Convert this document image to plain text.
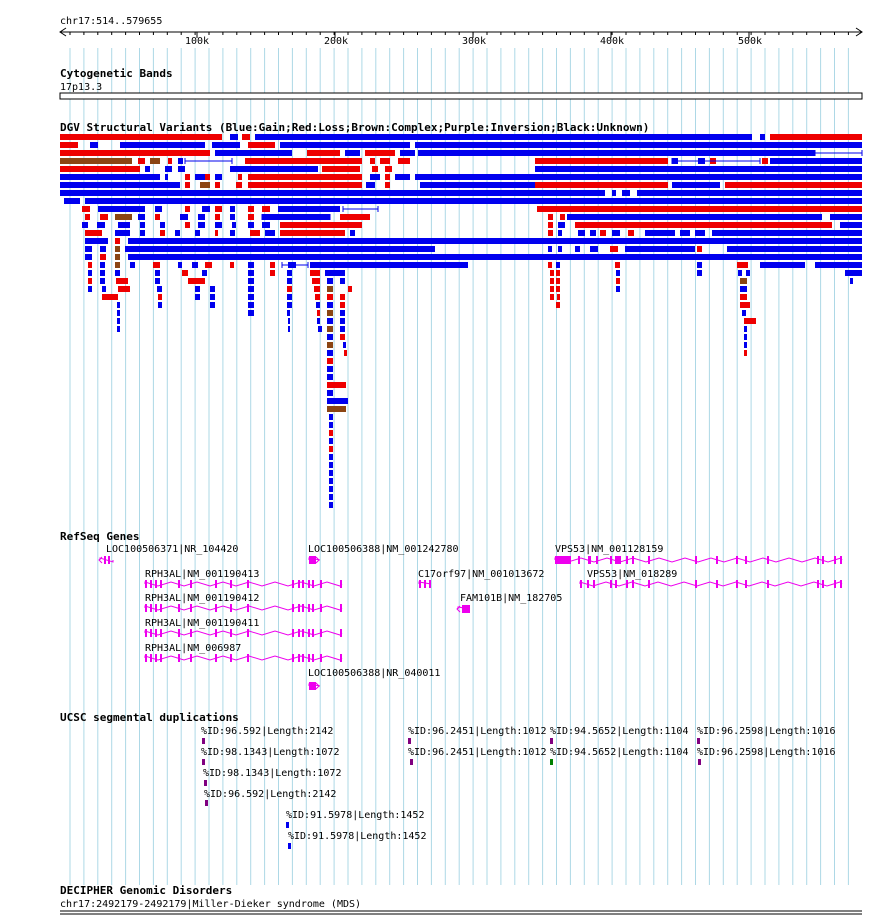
chr17:514..579655
100k	200k	300k	400k	500k
Cytogenetic Bands
17p13.3
DGV Structural Variants (Blue:Gain;Red:Loss;Brown:Complex;Purple:Inversion;Black:Unknown)
RefSeq Genes
LOC100506371|NR_104420	LOC100506388|NM_001242780	VPS53|NM_001128159
RPH3AL|NM_001190413	C17orf97|NM_001013672	VPS53|NM_018289
RPH3AL|NM_001190412	FAM101B|NM_182705
RPH3AL|NM_001190411
RPH3AL|NM_006987
LOC100506388|NR_040011
UCSC segmental duplications
%ID:96.592|Length:2142	%ID:96.2451|Length:1012 %ID:94.5652|Length:1104 %ID:96.2598|Length:1016
%ID:98.1343|Length:1072	%ID:96.2451|Length:1012 %ID:94.5652|Length:1104 %ID:96.2598|Length:1016
%ID:98.1343|Length:1072
%ID:96.592|Length:2142
%ID:91.5978|Length:1452
%ID:91.5978|Length:1452
DECIPHER Genomic Disorders
chr17:2492179-2492179|Miller-Dieker syndrome (MDS)
